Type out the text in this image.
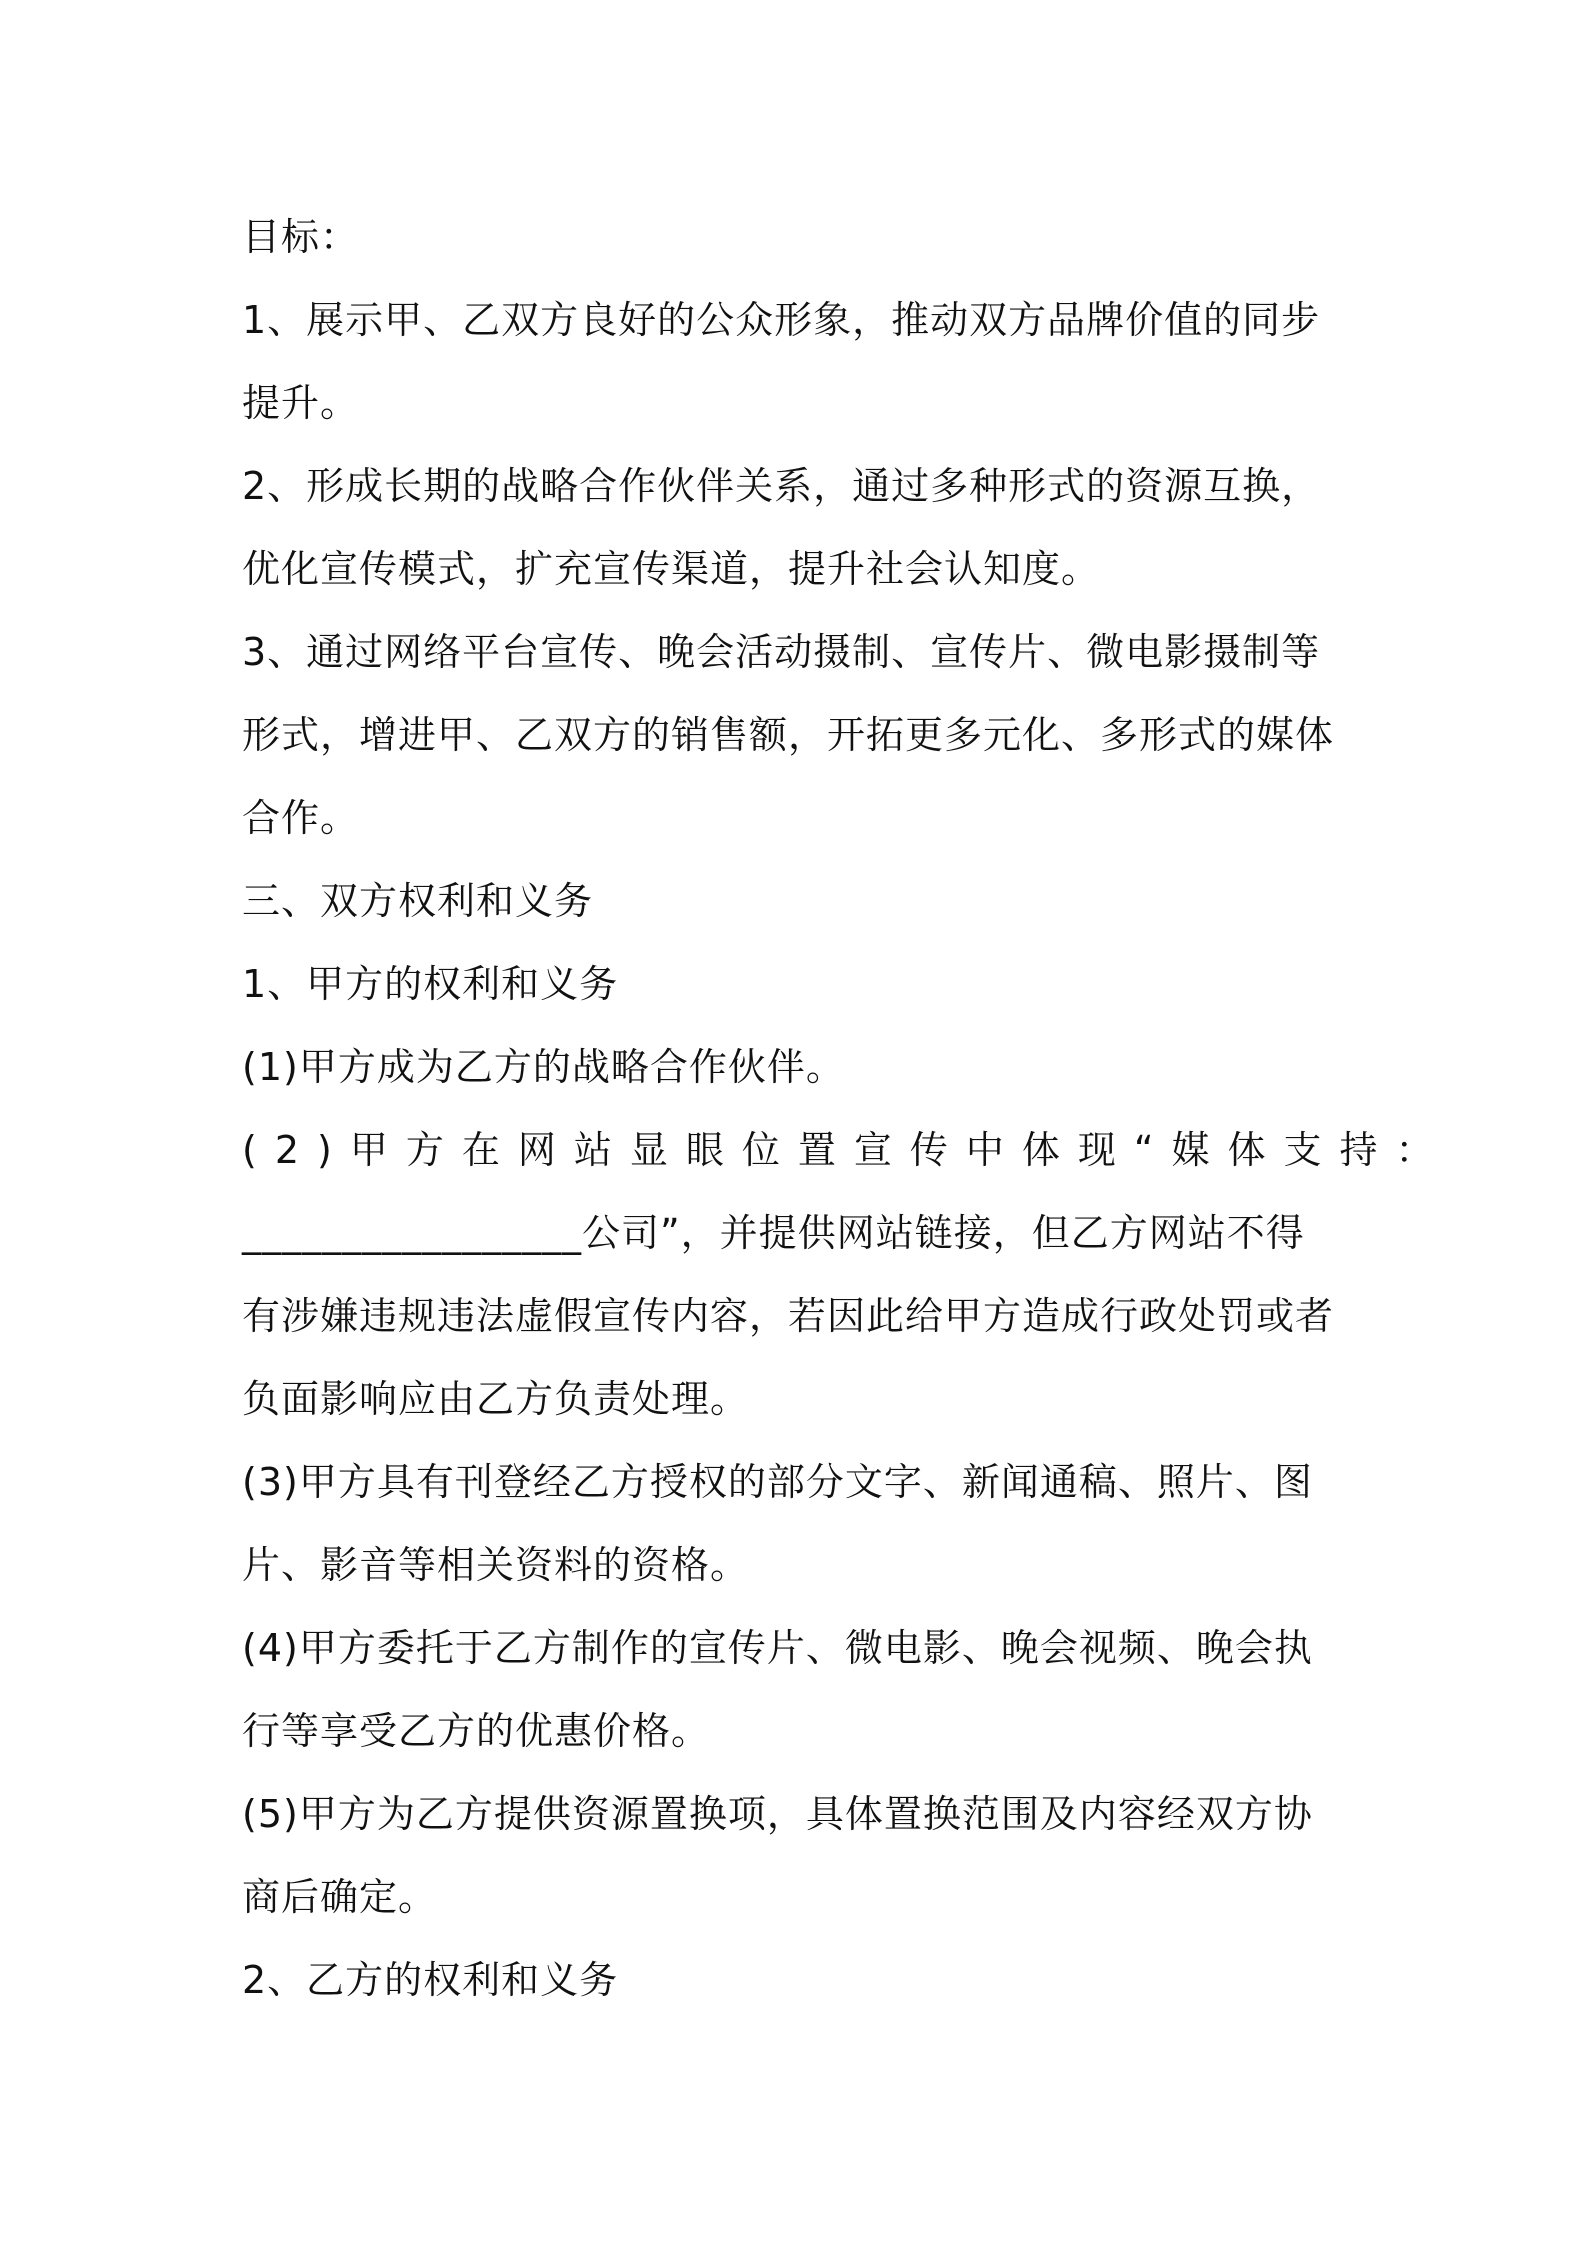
目标：
1、展示甲、乙双方良好的公众形象，推动双方品牌价值的同步
提升。
2、形成长期的战略合作伙伴关系，通过多种形式的资源互换，
优化宣传模式，扩充宣传渠道，提升社会认知度。
3、通过网络平台宣传、晚会活动摄制、宣传片、微电影摄制等
形式，增进甲、乙双方的销售额，开拓更多元化、多形式的媒体
合作。
三、双方权利和义务
1、甲方的权利和义务
(1)甲方成为乙方的战略合作伙伴。
(2)甲方在网站显眼位置宣传中体现“媒体支持：
_________________公司”，并提供网站链接，但乙方网站不得
有涉嫌违规违法虚假宣传内容，若因此给甲方造成行政处罚或者
负面影响应由乙方负责处理。
(3)甲方具有刊登经乙方授权的部分文字、新闻通稿、照片、图
片、影音等相关资料的资格。
(4)甲方委托于乙方制作的宣传片、微电影、晚会视频、晚会执
行等享受乙方的优惠价格。
(5)甲方为乙方提供资源置换项，具体置换范围及内容经双方协
商后确定。
2、乙方的权利和义务
